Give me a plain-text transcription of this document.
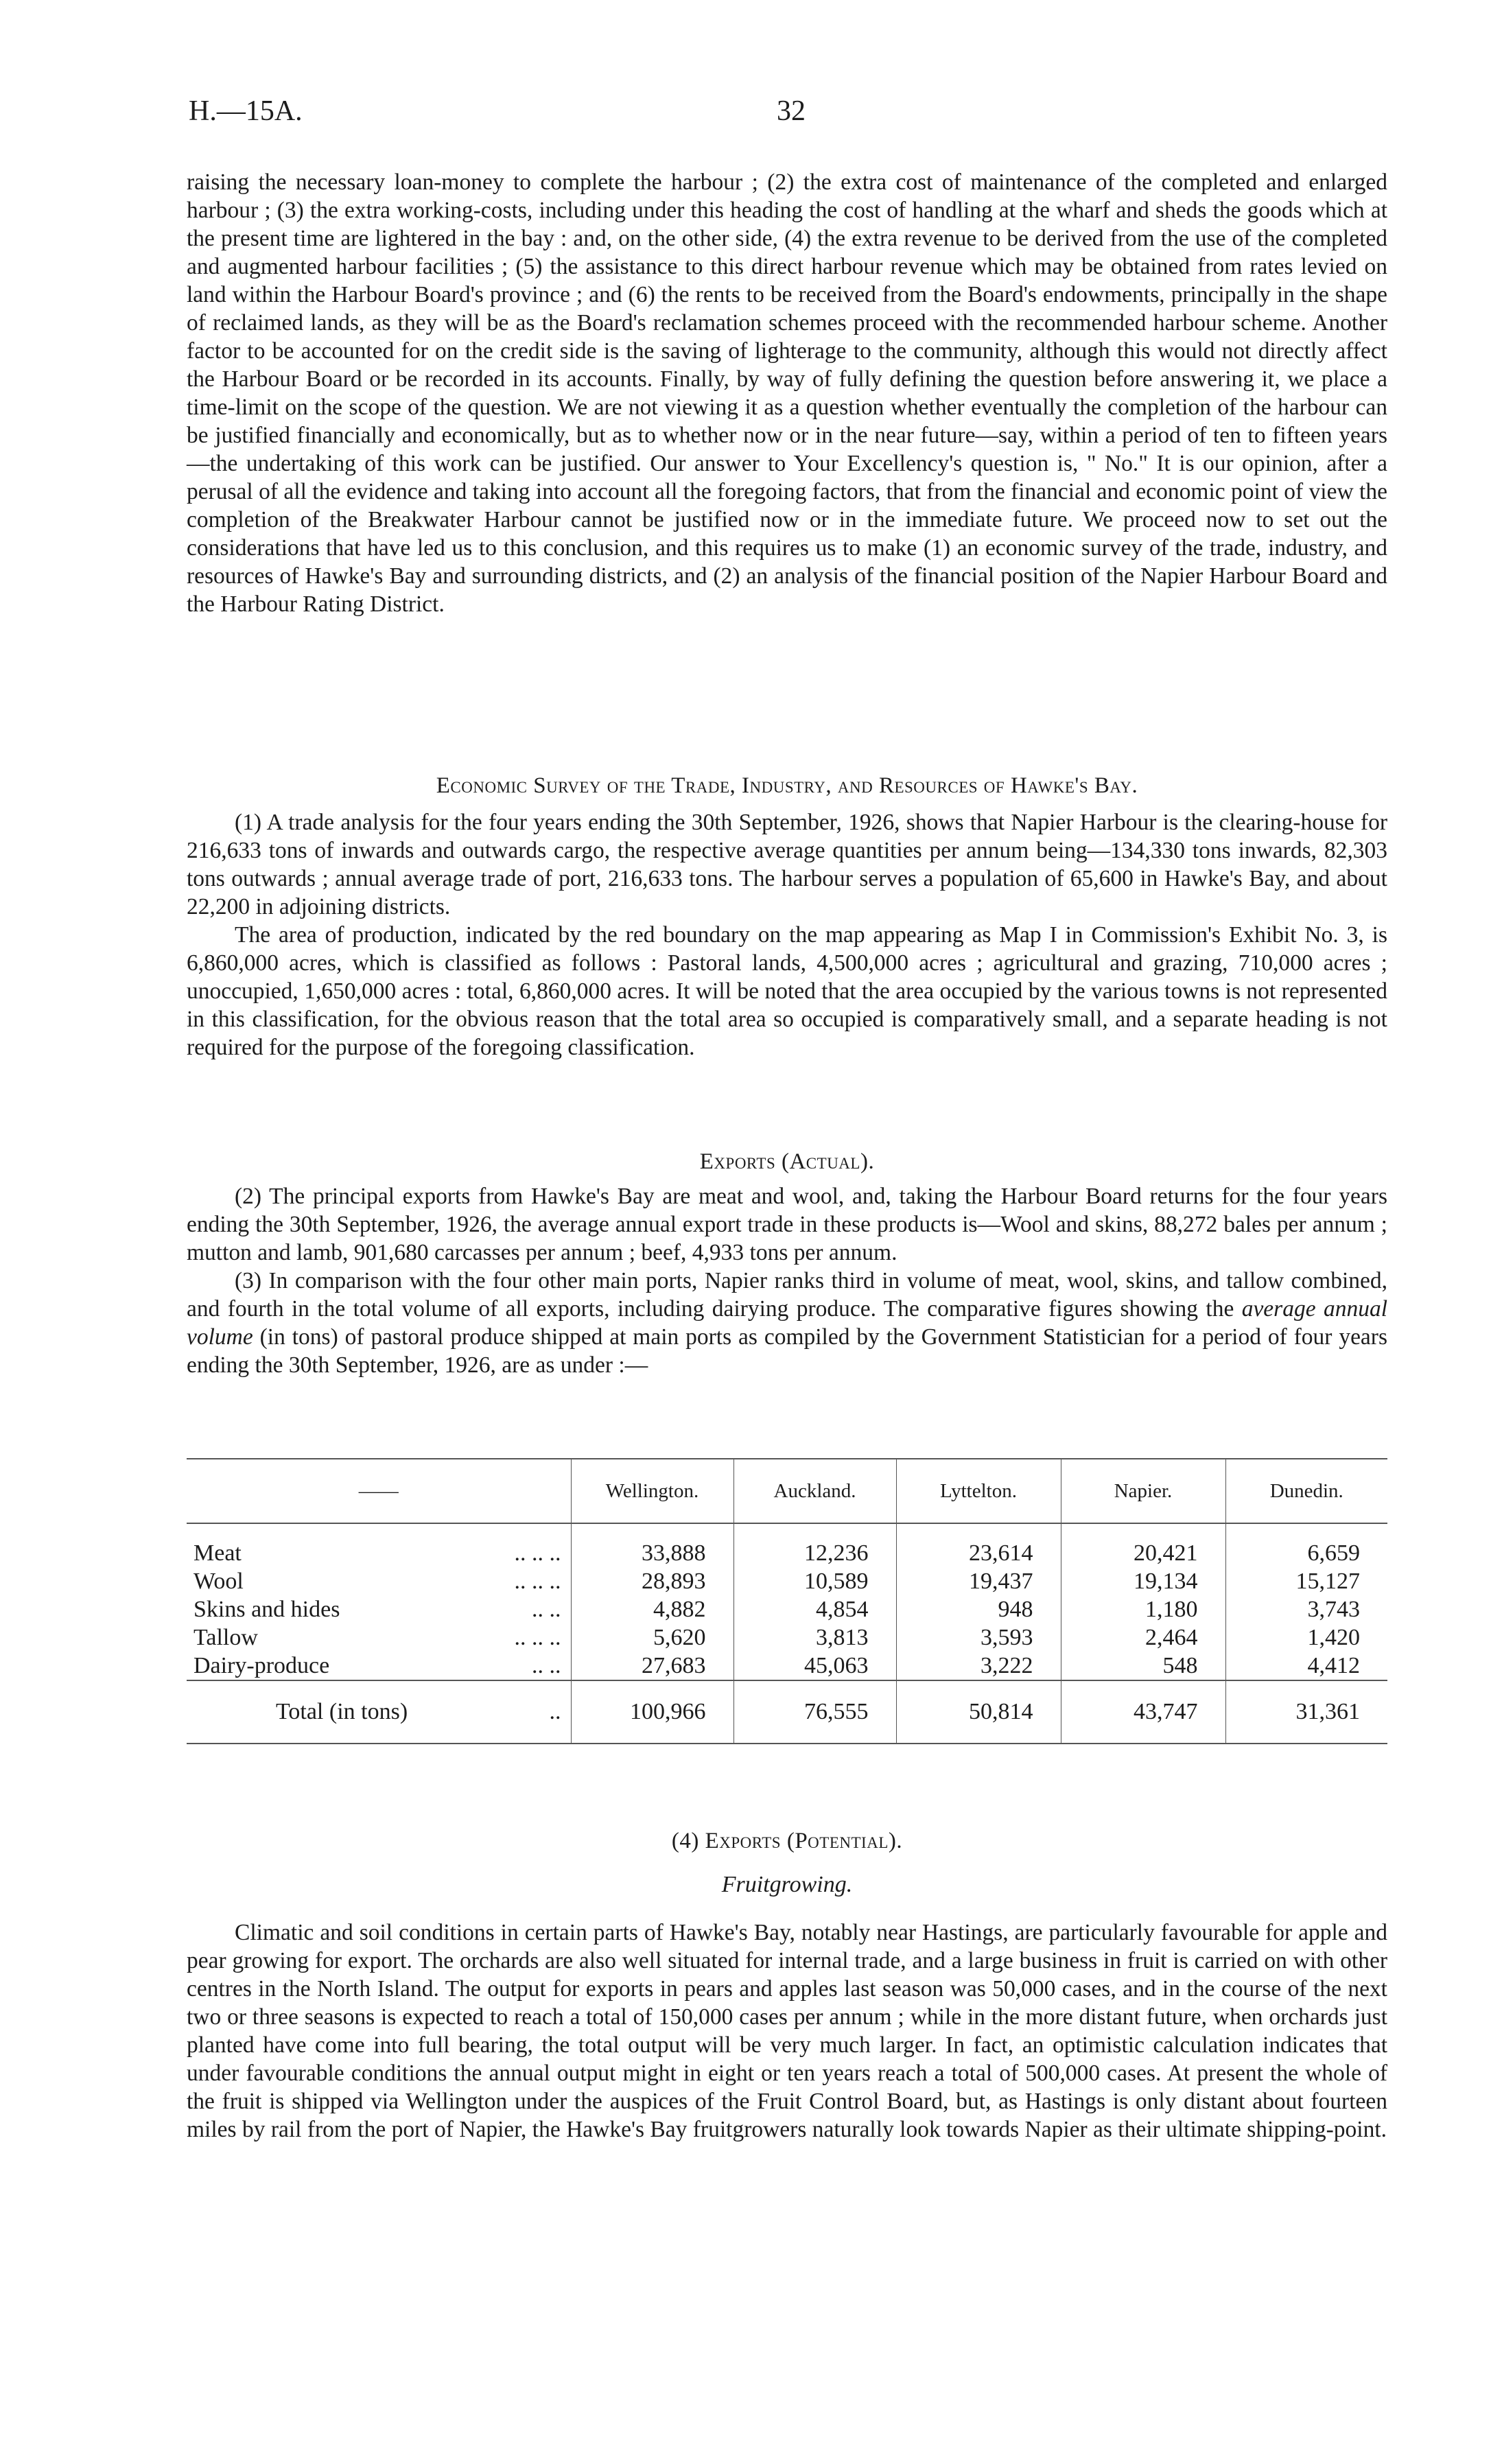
H.—15A.	32

raising the necessary loan-money to complete the harbour ; (2) the extra cost of maintenance of the completed and enlarged harbour ; (3) the extra working-costs, including under this heading the cost of handling at the wharf and sheds the goods which at the present time are lightered in the bay : and, on the other side, (4) the extra revenue to be derived from the use of the completed and augmented harbour facilities ; (5) the assistance to this direct harbour revenue which may be obtained from rates levied on land within the Harbour Board's province ; and (6) the rents to be received from the Board's endowments, principally in the shape of reclaimed lands, as they will be as the Board's reclamation schemes proceed with the recommended harbour scheme. Another factor to be accounted for on the credit side is the saving of lighterage to the community, although this would not directly affect the Harbour Board or be recorded in its accounts. Finally, by way of fully defining the question before answering it, we place a time-limit on the scope of the question. We are not viewing it as a question whether eventually the completion of the harbour can be justified financially and economically, but as to whether now or in the near future—say, within a period of ten to fifteen years—the undertaking of this work can be justified. Our answer to Your Excellency's question is, " No." It is our opinion, after a perusal of all the evidence and taking into account all the foregoing factors, that from the financial and economic point of view the completion of the Breakwater Harbour cannot be justified now or in the immediate future. We proceed now to set out the considerations that have led us to this conclusion, and this requires us to make (1) an economic survey of the trade, industry, and resources of Hawke's Bay and surrounding districts, and (2) an analysis of the financial position of the Napier Harbour Board and the Harbour Rating District.

Economic Survey of the Trade, Industry, and Resources of Hawke's Bay.

(1) A trade analysis for the four years ending the 30th September, 1926, shows that Napier Harbour is the clearing-house for 216,633 tons of inwards and outwards cargo, the respective average quantities per annum being—134,330 tons inwards, 82,303 tons outwards ; annual average trade of port, 216,633 tons. The harbour serves a population of 65,600 in Hawke's Bay, and about 22,200 in adjoining districts.

The area of production, indicated by the red boundary on the map appearing as Map I in Commission's Exhibit No. 3, is 6,860,000 acres, which is classified as follows : Pastoral lands, 4,500,000 acres ; agricultural and grazing, 710,000 acres ; unoccupied, 1,650,000 acres : total, 6,860,000 acres. It will be noted that the area occupied by the various towns is not represented in this classification, for the obvious reason that the total area so occupied is comparatively small, and a separate heading is not required for the purpose of the foregoing classification.

Exports (Actual).

(2) The principal exports from Hawke's Bay are meat and wool, and, taking the Harbour Board returns for the four years ending the 30th September, 1926, the average annual export trade in these products is—Wool and skins, 88,272 bales per annum ; mutton and lamb, 901,680 carcasses per annum ; beef, 4,933 tons per annum.

(3) In comparison with the four other main ports, Napier ranks third in volume of meat, wool, skins, and tallow combined, and fourth in the total volume of all exports, including dairying produce. The comparative figures showing the average annual volume (in tons) of pastoral produce shipped at main ports as compiled by the Government Statistician for a period of four years ending the 30th September, 1926, are as under :—

——	Wellington.	Auckland.	Lyttelton.	Napier.	Dunedin.

Meat .. .. ..	33,888	12,236	23,614	20,421	6,659
Wool .. .. ..	28,893	10,589	19,437	19,134	15,127
Skins and hides .. ..	4,882	4,854	948	1,180	3,743
Tallow .. .. ..	5,620	3,813	3,593	2,464	1,420
Dairy-produce .. ..	27,683	45,063	3,222	548	4,412
Total (in tons) ..	100,966	76,555	50,814	43,747	31,361
(4) Exports (Potential).
Fruitgrowing.

Climatic and soil conditions in certain parts of Hawke's Bay, notably near Hastings, are particularly favourable for apple and pear growing for export. The orchards are also well situated for internal trade, and a large business in fruit is carried on with other centres in the North Island. The output for exports in pears and apples last season was 50,000 cases, and in the course of the next two or three seasons is expected to reach a total of 150,000 cases per annum ; while in the more distant future, when orchards just planted have come into full bearing, the total output will be very much larger. In fact, an optimistic calculation indicates that under favourable conditions the annual output might in eight or ten years reach a total of 500,000 cases. At present the whole of the fruit is shipped via Wellington under the auspices of the Fruit Control Board, but, as Hastings is only distant about fourteen miles by rail from the port of Napier, the Hawke's Bay fruitgrowers naturally look towards Napier as their ultimate shipping-point.
